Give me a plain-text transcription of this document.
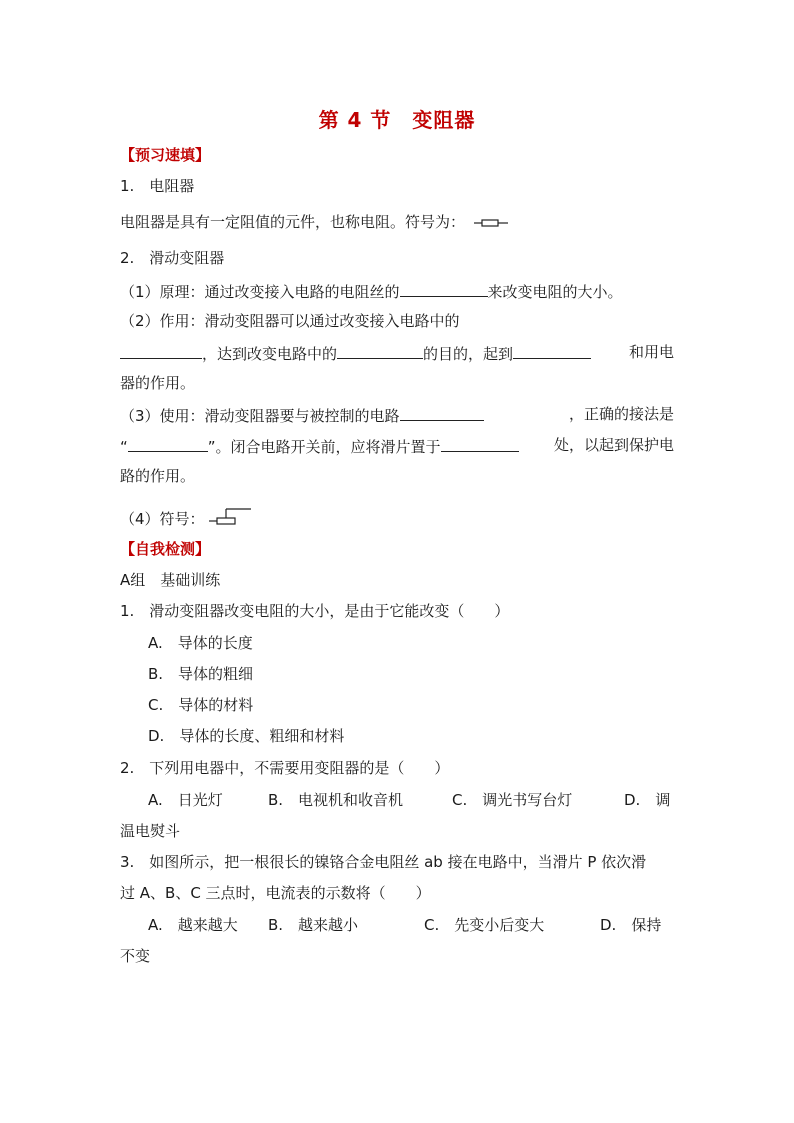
第 4 节　变阻器
【预习速填】
1.　电阻器
电阻器是具有一定阻值的元件，也称电阻。符号为：
2.　滑动变阻器
（1）原理：通过改变接入电路的电阻丝的	来改变电阻的大小。
（2）作用：滑动变阻器可以通过改变接入电路中的
，达到改变电路中的	的目的，起到	和用电
器的作用。
（3）使用：滑动变阻器要与被控制的电路	，正确的接法是
“	”。闭合电路开关前，应将滑片置于	处，以起到保护电
路的作用。
（4）符号：
【自我检测】
A组　基础训练
1.　滑动变阻器改变电阻的大小，是由于它能改变（　　）
A.　导体的长度
B.　导体的粗细
C.　导体的材料
D.　导体的长度、粗细和材料
2.　下列用电器中，不需要用变阻器的是（　　）
A.　日光灯	B.　电视机和收音机	C.　调光书写台灯	D.　调
温电熨斗
3.　如图所示，把一根很长的镍铬合金电阻丝 ab 接在电路中，当滑片 P 依次滑
过 A、B、C 三点时，电流表的示数将（　　）
A.　越来越大 B.　越来越小	C.　先变小后变大	D.　保持
不变
